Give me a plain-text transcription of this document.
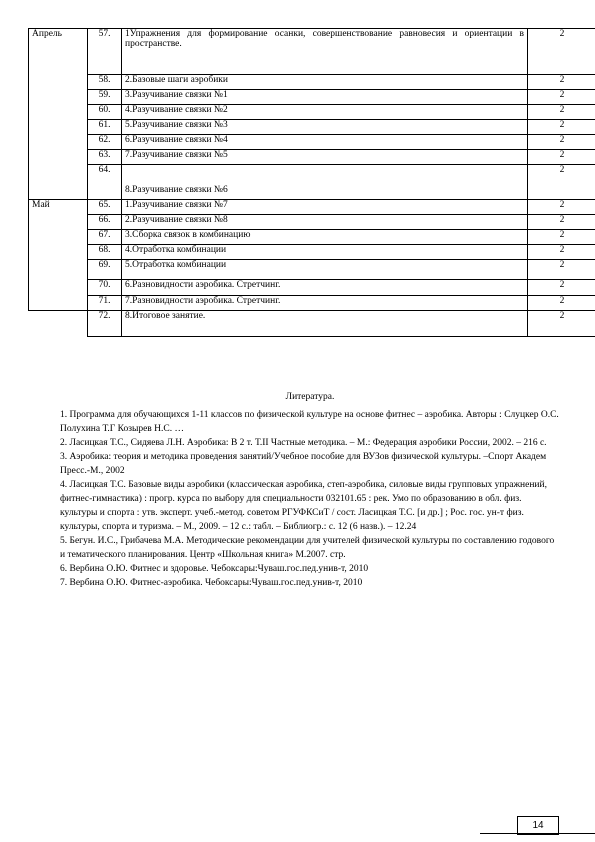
Апрель	57.	1Упражнения для формирование осанки, совершенствование равновесия и ориентации в пространстве.	2
	58.	2.Базовые шаги аэробики	2
	59.	3.Разучивание связки №1	2
	60.	4.Разучивание связки №2	2
	61.	5.Разучивание связки №3	2
	62.	6.Разучивание связки №4	2
	63.	7.Разучивание связки №5	2
	64.	8.Разучивание связки №6	2
Май	65.	1.Разучивание связки №7	2
	66.	2.Разучивание связки №8	2
	67.	3.Сборка связок в комбинацию	2
	68.	4.Отработка комбинации	2
	69.	5.Отработка комбинации	2
	70.	6.Разновидности аэробика. Стретчинг.	2
	71.	7.Разновидности аэробика. Стретчинг.	2
	72.	8.Итоговое занятие.	2
Литература.

1. Программа для обучающихся 1-11 классов по физической культуре на основе фитнес – аэробика. Авторы : Слуцкер О.С. Полухина Т.Г Козырев Н.С. …

2. Ласицкая Т.С., Сидяева Л.Н. Аэробика: В 2 т. Т.II Частные методика. – М.: Федерация аэробики России, 2002. – 216 с.

3. Аэробика: теория и методика проведения занятий/Учебное пособие для ВУЗов физической культуры. –Спорт Академ Пресс.-М., 2002

4. Ласицкая Т.С. Базовые виды аэробики (классическая аэробика, степ-аэробика, силовые виды групповых упражнений, фитнес-гимнастика) : прогр. курса по выбору для специальности 032101.65 : рек. Умо по образованию в обл. физ. культуры и спорта : утв. эксперт. учеб.-метод. советом РГУФКСиТ / сост. Ласицкая Т.С. [и др.] ; Рос. гос. ун-т физ. культуры, спорта и туризма. – М., 2009. – 12 с.: табл. – Библиогр.: с. 12 (6 назв.). – 12.24

5. Бегун. И.С., Грибачева М.А. Методические рекомендации для учителей физической культуры по составлению годового и тематического планирования. Центр «Школьная книга» М.2007. стр.

6. Вербина О.Ю. Фитнес и здоровье. Чебоксары:Чуваш.гос.пед.унив-т, 2010

7. Вербина О.Ю. Фитнес-аэробика. Чебоксары:Чуваш.гос.пед.унив-т, 2010

14
